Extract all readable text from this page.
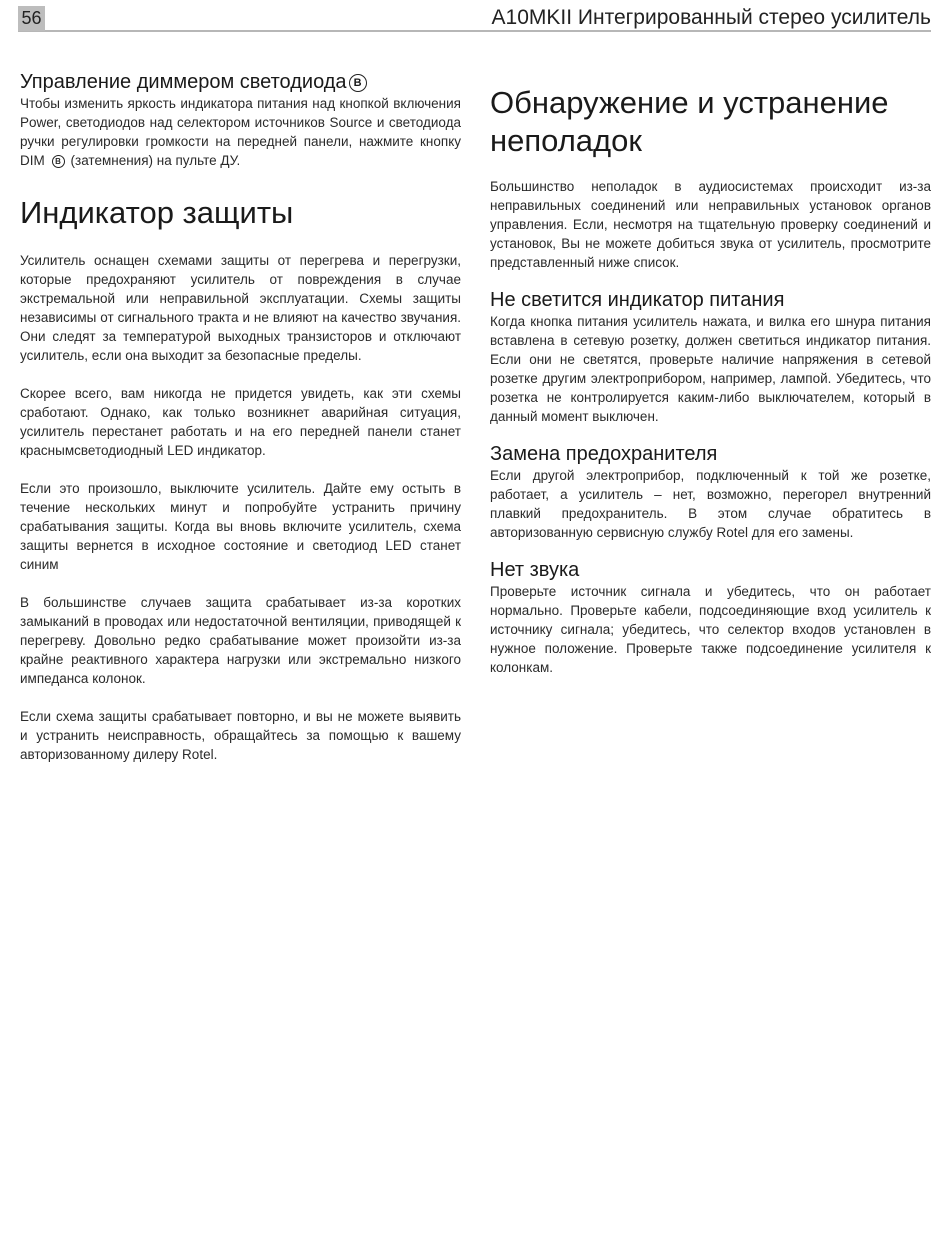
56	A10MKII Интегрированный стерео усилитель
Управление диммером светодиода B

Чтобы изменить яркость индикатора питания над кнопкой включения Power, светодиодов над селектором источников Source и светодиода ручки регулировки громкости на передней панели, нажмите кнопку DIM B (затемнения) на пульте ДУ.

Индикатор защиты

Усилитель оснащен схемами защиты от перегрева и перегрузки, которые предохраняют усилитель от повреждения в случае экстремальной или неправильной эксплуатации. Схемы защиты независимы от сигнального тракта и не влияют на качество звучания. Они следят за температурой выходных транзисторов и отключают усилитель, если она выходит за безопасные пределы.

Скорее всего, вам никогда не придется увидеть, как эти схемы сработают. Однако, как только возникнет аварийная ситуация, усилитель перестанет работать и на его передней панели станет краснымсветодиодный LED индикатор.

Если это произошло, выключите усилитель. Дайте ему остыть в течение нескольких минут и попробуйте устранить причину срабатывания защиты. Когда вы вновь включите усилитель, схема защиты вернется в исходное состояние и светодиод LED станет синим

В большинстве случаев защита срабатывает из-за коротких замыканий в проводах или недостаточной вентиляции, приводящей к перегреву. Довольно редко срабатывание может произойти из-за крайне реактивного характера нагрузки или экстремально низкого импеданса колонок.

Если схема защиты срабатывает повторно, и вы не можете выявить и устранить неисправность, обращайтесь за помощью к вашему авторизованному дилеру Rotel.

Обнаружение и устранение неполадок

Большинство неполадок в аудиосистемах происходит из-за неправильных соединений или неправильных установок органов управления. Если, несмотря на тщательную проверку соединений и установок, Вы не можете добиться звука от усилитель, просмотрите представленный ниже список.

Не светится индикатор питания

Когда кнопка питания усилитель нажата, и вилка его шнура питания вставлена в сетевую розетку, должен светиться индикатор питания. Если они не светятся, проверьте наличие напряжения в сетевой розетке другим электроприбором, например, лампой. Убедитесь, что розетка не контролируется каким-либо выключателем, который в данный момент выключен.

Замена предохранителя

Если другой электроприбор, подключенный к той же розетке, работает, а усилитель – нет, возможно, перегорел внутренний плавкий предохранитель. В этом случае обратитесь в авторизованную сервисную службу Rotel для его замены.

Нет звука

Проверьте источник сигнала и убедитесь, что он работает нормально. Проверьте кабели, подсоединяющие вход усилитель к источнику сигнала; убедитесь, что селектор входов установлен в нужное положение. Проверьте также подсоединение усилителя к колонкам.
